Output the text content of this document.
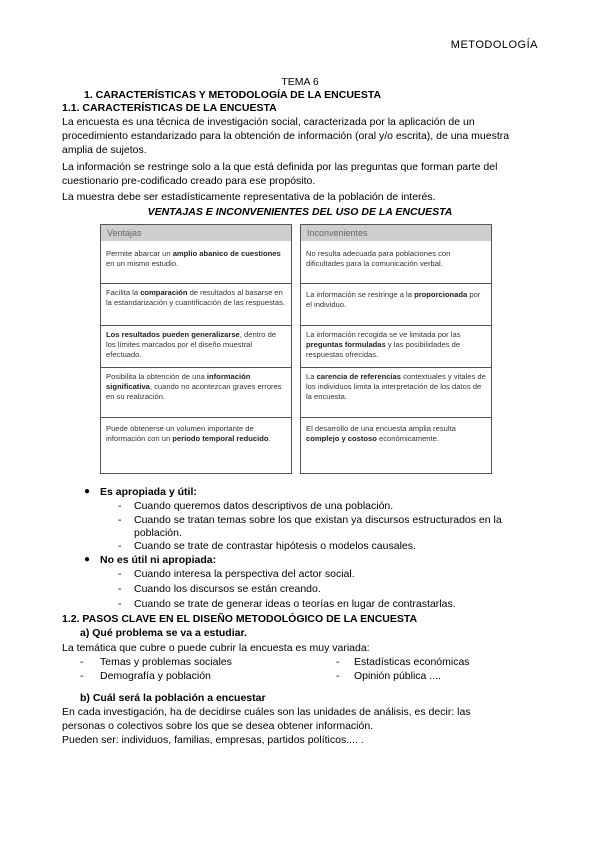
METODOLOGÍA
TEMA 6
1. CARACTERÍSTICAS Y METODOLOGÍA DE LA ENCUESTA
1.1. CARACTERÍSTICAS DE LA ENCUESTA
La encuesta es una técnica de investigación social, caracterizada por la aplicación de un
procedimiento estandarizado para la obtención de información (oral y/o escrita), de una muestra
amplia de sujetos.
La información se restringe solo a la que está definida por las preguntas que forman parte del
cuestionario pre-codificado creado para ese propósito.
La muestra debe ser estadísticamente representativa de la población de interés.
VENTAJAS E INCONVENIENTES DEL USO DE LA ENCUESTA
Ventajas
Permite abarcar un amplio abanico de cuestiones en un mismo estudio.
Facilita la comparación de resultados al basarse en la estandarización y cuantificación de las respuestas.
Los resultados pueden generalizarse, dentro de los límites marcados por el diseño muestral efectuado.
Posibilita la obtención de una información significativa, cuando no acontezcan graves errores en su realización.
Puede obtenerse un volumen importante de información con un período temporal reducido.
Inconvenientes
No resulta adecuada para poblaciones con dificultades para la comunicación verbal.
La información se restringe a la proporcionada por el individuo.
La información recogida se ve limitada por las preguntas formuladas y las posibilidades de respuestas ofrecidas.
La carencia de referencias contextuales y vitales de los individuos limita la interpretación de los datos de la encuesta.
El desarrollo de una encuesta amplia resulta complejo y costoso económicamente.
● Es apropiada y útil:
- Cuando queremos datos descriptivos de una población.
- Cuando se tratan temas sobre los que existan ya discursos estructurados en la
población.
- Cuando se trate de contrastar hipótesis o modelos causales.
● No es útil ni apropiada:
- Cuando interesa la perspectiva del actor social.
- Cuando los discursos se están creando.
- Cuando se trate de generar ideas o teorías en lugar de contrastarlas.
1.2. PASOS CLAVE EN EL DISEÑO METODOLÓGICO DE LA ENCUESTA
a) Qué problema se va a estudiar.
La temática que cubre o puede cubrir la encuesta es muy variada:
- Temas y problemas sociales	- Estadísticas económicas
- Demografía y población	- Opinión pública ....
b) Cuál será la población a encuestar
En cada investigación, ha de decidirse cuáles son las unidades de análisis, es decir: las
personas o colectivos sobre los que se desea obtener información.
Pueden ser: individuos, familias, empresas, partidos políticos.... .
